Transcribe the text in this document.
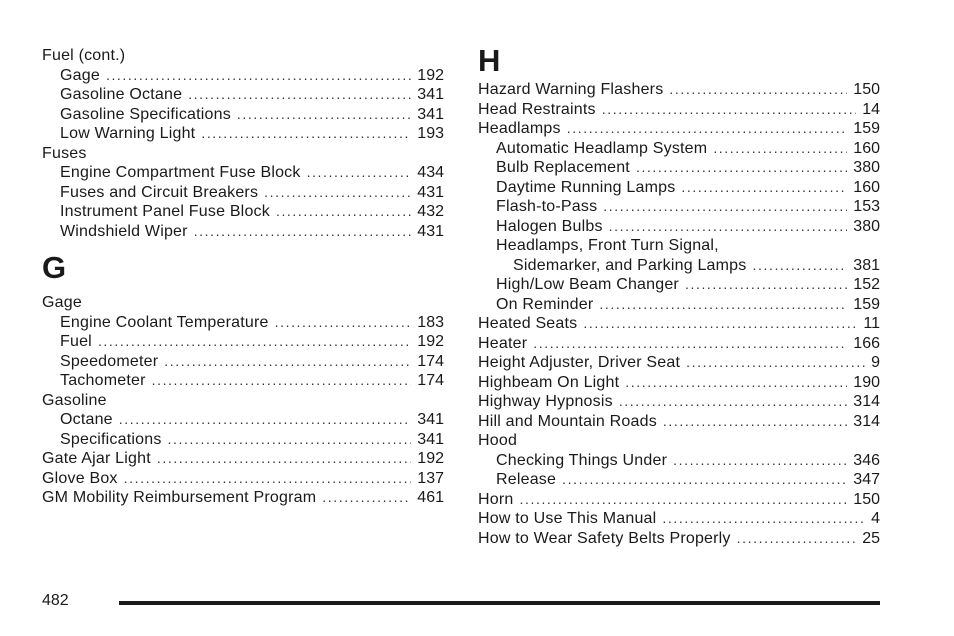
Fuel (cont.)
Gage .....	192
Gasoline Octane .....	341
Gasoline Specifications .....	341
Low Warning Light .....	193
Fuses
Engine Compartment Fuse Block .....	434
Fuses and Circuit Breakers .....	431
Instrument Panel Fuse Block .....	432
Windshield Wiper .....	431
G
Gage
Engine Coolant Temperature .....	183
Fuel .....	192
Speedometer .....	174
Tachometer .....	174
Gasoline
Octane .....	341
Specifications .....	341
Gate Ajar Light .....	192
Glove Box .....	137
GM Mobility Reimbursement Program .....	461
H
Hazard Warning Flashers .....	150
Head Restraints .....	14
Headlamps .....	159
Automatic Headlamp System .....	160
Bulb Replacement .....	380
Daytime Running Lamps .....	160
Flash-to-Pass .....	153
Halogen Bulbs .....	380
Headlamps, Front Turn Signal,
Sidemarker, and Parking Lamps .....	381
High/Low Beam Changer .....	152
On Reminder .....	159
Heated Seats .....	11
Heater .....	166
Height Adjuster, Driver Seat .....	9
Highbeam On Light .....	190
Highway Hypnosis .....	314
Hill and Mountain Roads .....	314
Hood
Checking Things Under .....	346
Release .....	347
Horn .....	150
How to Use This Manual .....	4
How to Wear Safety Belts Properly .....	25
482
